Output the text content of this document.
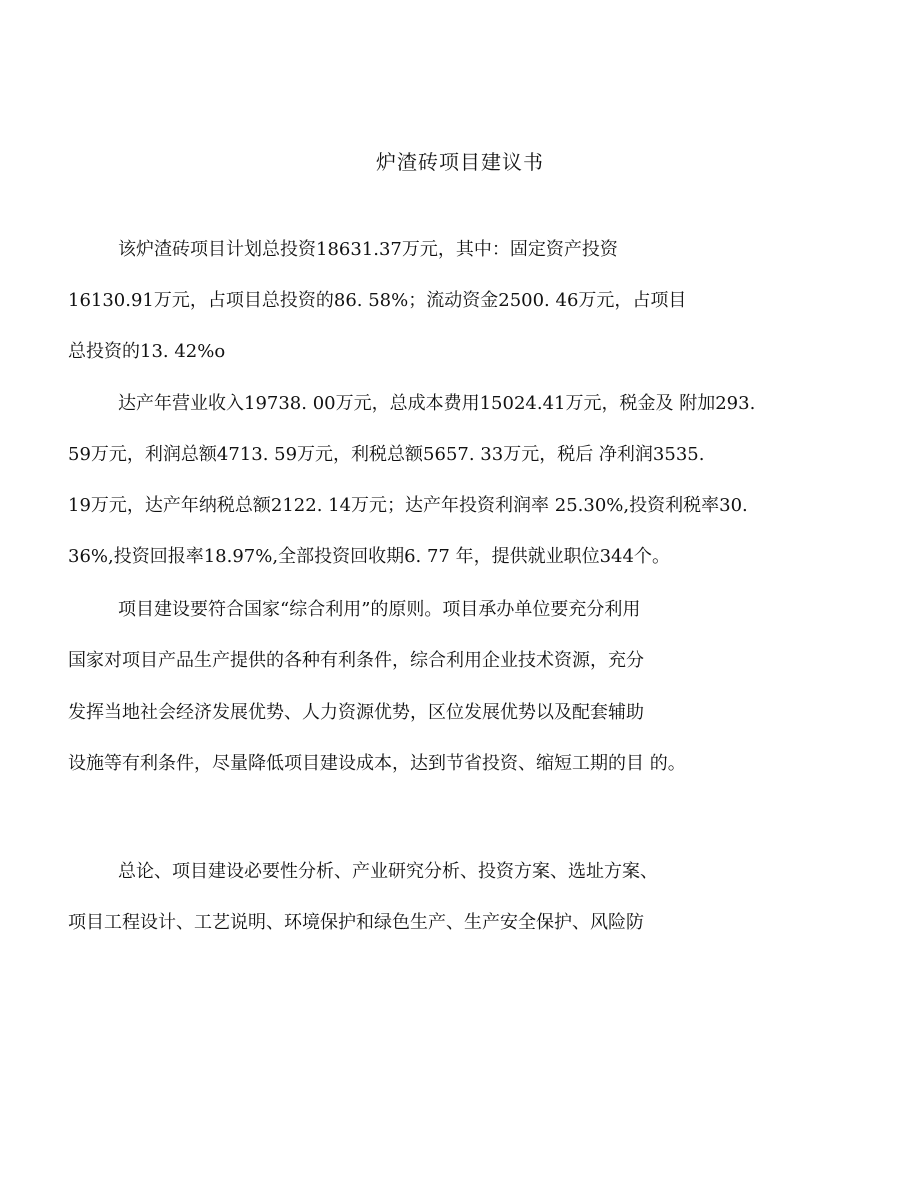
炉渣砖项目建议书
该炉渣砖项目计划总投资18631.37万元，其中：固定资产投资
16130.91万元，占项目总投资的86. 58%；流动资金2500. 46万元，占项目
总投资的13. 42%o
达产年营业收入19738. 00万元，总成本费用15024.41万元，税金及 附加293.
59万元，利润总额4713. 59万元，利税总额5657. 33万元，税后 净利润3535.
19万元，达产年纳税总额2122. 14万元；达产年投资利润率 25.30%,投资利税率30.
36%,投资回报率18.97%,全部投资回收期6. 77 年，提供就业职位344个。
项目建设要符合国家“综合利用”的原则。项目承办单位要充分利用
国家对项目产品生产提供的各种有利条件，综合利用企业技术资源，充分
发挥当地社会经济发展优势、人力资源优势，区位发展优势以及配套辅助
设施等有利条件，尽量降低项目建设成本，达到节省投资、缩短工期的目 的。
总论、项目建设必要性分析、产业研究分析、投资方案、选址方案、
项目工程设计、工艺说明、环境保护和绿色生产、生产安全保护、风险防
